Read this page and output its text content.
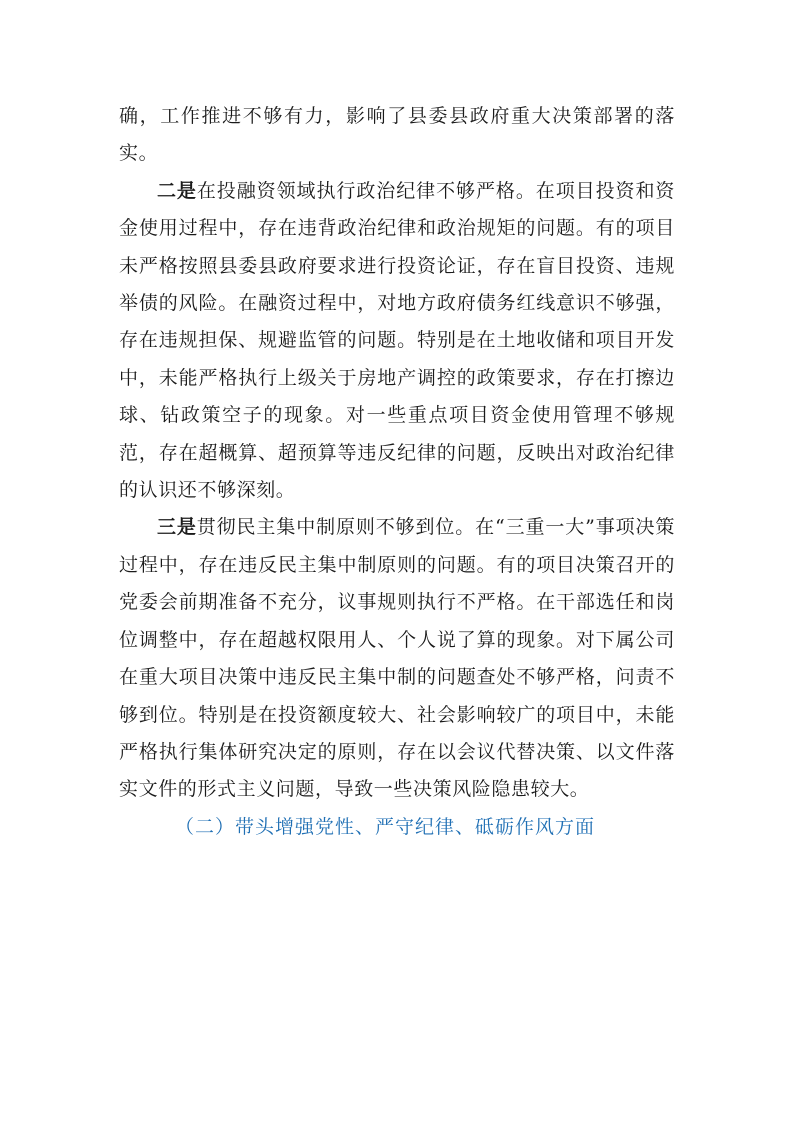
确，工作推进不够有力，影响了县委县政府重大决策部署的落实。

二是在投融资领域执行政治纪律不够严格。在项目投资和资金使用过程中，存在违背政治纪律和政治规矩的问题。有的项目未严格按照县委县政府要求进行投资论证，存在盲目投资、违规举债的风险。在融资过程中，对地方政府债务红线意识不够强，存在违规担保、规避监管的问题。特别是在土地收储和项目开发中，未能严格执行上级关于房地产调控的政策要求，存在打擦边球、钻政策空子的现象。对一些重点项目资金使用管理不够规范，存在超概算、超预算等违反纪律的问题，反映出对政治纪律的认识还不够深刻。

三是贯彻民主集中制原则不够到位。在“三重一大”事项决策过程中，存在违反民主集中制原则的问题。有的项目决策召开的党委会前期准备不充分，议事规则执行不严格。在干部选任和岗位调整中，存在超越权限用人、个人说了算的现象。对下属公司在重大项目决策中违反民主集中制的问题查处不够严格，问责不够到位。特别是在投资额度较大、社会影响较广的项目中，未能严格执行集体研究决定的原则，存在以会议代替决策、以文件落实文件的形式主义问题，导致一些决策风险隐患较大。

（二）带头增强党性、严守纪律、砥砺作风方面
